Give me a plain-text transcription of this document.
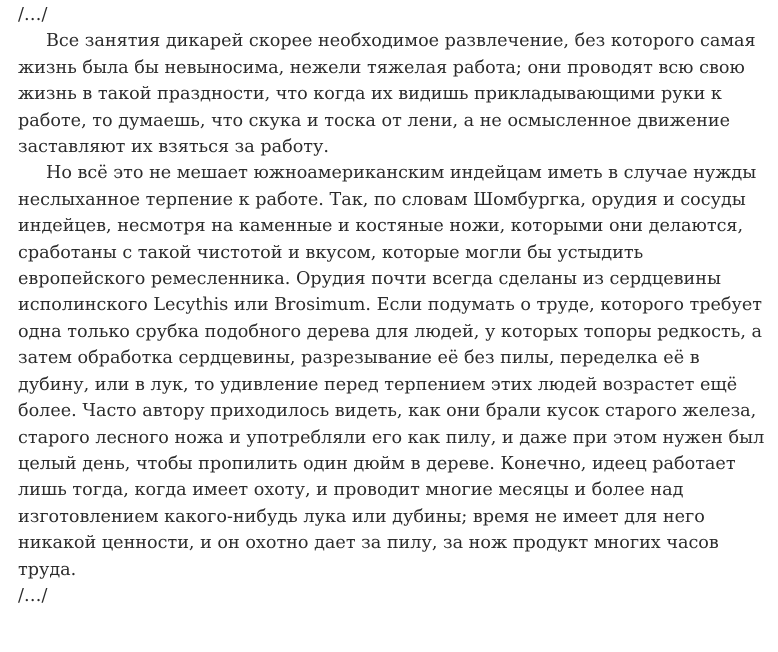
/…/

Все занятия дикарей скорее необходимое развлечение, без которого самая
жизнь была бы невыносима, нежели тяжелая работа; они проводят всю свою
жизнь в такой праздности, что когда их видишь прикладывающими руки к
работе, то думаешь, что скука и тоска от лени, а не осмысленное движение
заставляют их взяться за работу.

Но всё это не мешает южноамериканским индейцам иметь в случае нужды
неслыханное терпение к работе. Так, по словам Шомбургка, орудия и сосуды
индейцев, несмотря на каменные и костяные ножи, которыми они делаются,
сработаны с такой чистотой и вкусом, которые могли бы устыдить
европейского ремесленника. Орудия почти всегда сделаны из сердцевины
исполинского Lecythis или Brosimum. Если подумать о труде, которого требует
одна только срубка подобного дерева для людей, у которых топоры редкость, а
затем обработка сердцевины, разрезывание её без пилы, переделка её в
дубину, или в лук, то удивление перед терпением этих людей возрастет ещё
более. Часто автору приходилось видеть, как они брали кусок старого железа,
старого лесного ножа и употребляли его как пилу, и даже при этом нужен был
целый день, чтобы пропилить один дюйм в дереве. Конечно, идеец работает
лишь тогда, когда имеет охоту, и проводит многие месяцы и более над
изготовлением какого-нибудь лука или дубины; время не имеет для него
никакой ценности, и он охотно дает за пилу, за нож продукт многих часов
труда.

/…/
